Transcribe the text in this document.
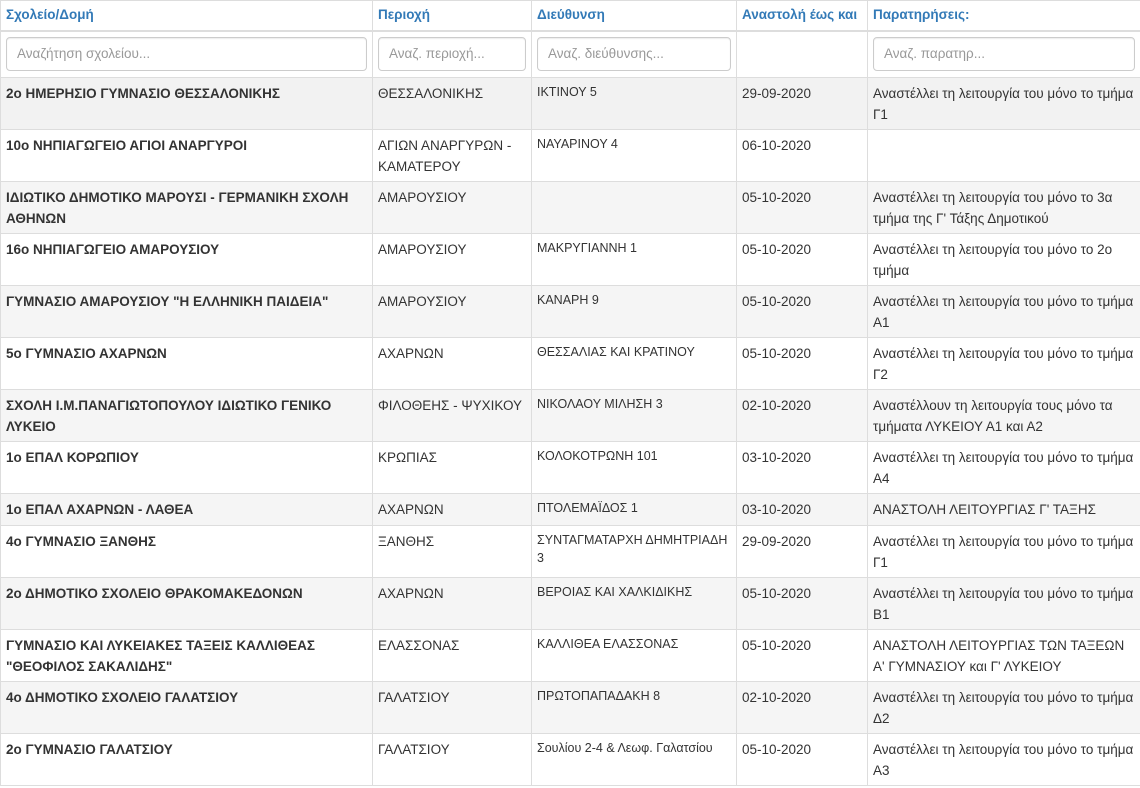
Σχολείο/Δομή	Περιοχή	Διεύθυνση	Αναστολή έως και	Παρατηρήσεις:
Αναζήτηση σχολείου...	Αναζ. περιοχή...	Αναζ. διεύθυνσης...		Αναζ. παρατηρ...
2ο ΗΜΕΡΗΣΙΟ ΓΥΜΝΑΣΙΟ ΘΕΣΣΑΛΟΝΙΚΗΣ	ΘΕΣΣΑΛΟΝΙΚΗΣ	ΙΚΤΙΝΟΥ 5	29-09-2020	Αναστέλλει τη λειτουργία του μόνο το τμήμα Γ1
10ο ΝΗΠΙΑΓΩΓΕΙΟ ΑΓΙΟΙ ΑΝΑΡΓΥΡΟΙ	ΑΓΙΩΝ ΑΝΑΡΓΥΡΩΝ - ΚΑΜΑΤΕΡΟΥ	ΝΑΥΑΡΙΝΟΥ 4	06-10-2020	
ΙΔΙΩΤΙΚΟ ΔΗΜΟΤΙΚΟ ΜΑΡΟΥΣΙ - ΓΕΡΜΑΝΙΚΗ ΣΧΟΛΗ ΑΘΗΝΩΝ	ΑΜΑΡΟΥΣΙΟΥ		05-10-2020	Αναστέλλει τη λειτουργία του μόνο το 3α τμήμα της Γ' Τάξης Δημοτικού
16ο ΝΗΠΙΑΓΩΓΕΙΟ ΑΜΑΡΟΥΣΙΟΥ	ΑΜΑΡΟΥΣΙΟΥ	ΜΑΚΡΥΓΙΑΝΝΗ 1	05-10-2020	Αναστέλλει τη λειτουργία του μόνο το 2ο τμήμα
ΓΥΜΝΑΣΙΟ ΑΜΑΡΟΥΣΙΟΥ "Η ΕΛΛΗΝΙΚΗ ΠΑΙΔΕΙΑ"	ΑΜΑΡΟΥΣΙΟΥ	ΚΑΝΑΡΗ 9	05-10-2020	Αναστέλλει τη λειτουργία του μόνο το τμήμα Α1
5ο ΓΥΜΝΑΣΙΟ ΑΧΑΡΝΩΝ	ΑΧΑΡΝΩΝ	ΘΕΣΣΑΛΙΑΣ ΚΑΙ ΚΡΑΤΙΝΟΥ	05-10-2020	Αναστέλλει τη λειτουργία του μόνο το τμήμα Γ2
ΣΧΟΛΗ Ι.Μ.ΠΑΝΑΓΙΩΤΟΠΟΥΛΟΥ ΙΔΙΩΤΙΚΟ ΓΕΝΙΚΟ ΛΥΚΕΙΟ	ΦΙΛΟΘΕΗΣ - ΨΥΧΙΚΟΥ	ΝΙΚΟΛΑΟΥ ΜΙΛΗΣΗ 3	02-10-2020	Αναστέλλουν τη λειτουργία τους μόνο τα τμήματα ΛΥΚΕΙΟΥ Α1 και Α2
1ο ΕΠΑΛ ΚΟΡΩΠΙΟΥ	ΚΡΩΠΙΑΣ	ΚΟΛΟΚΟΤΡΩΝΗ 101	03-10-2020	Αναστέλλει τη λειτουργία του μόνο το τμήμα Α4
1ο ΕΠΑΛ ΑΧΑΡΝΩΝ - ΛΑΘΕΑ	ΑΧΑΡΝΩΝ	ΠΤΟΛΕΜΑΪΔΟΣ 1	03-10-2020	ΑΝΑΣΤΟΛΗ ΛΕΙΤΟΥΡΓΙΑΣ Γ' ΤΑΞΗΣ
4ο ΓΥΜΝΑΣΙΟ ΞΑΝΘΗΣ	ΞΑΝΘΗΣ	ΣΥΝΤΑΓΜΑΤΑΡΧΗ ΔΗΜΗΤΡΙΑΔΗ 3	29-09-2020	Αναστέλλει τη λειτουργία του μόνο το τμήμα Γ1
2ο ΔΗΜΟΤΙΚΟ ΣΧΟΛΕΙΟ ΘΡΑΚΟΜΑΚΕΔΟΝΩΝ	ΑΧΑΡΝΩΝ	ΒΕΡΟΙΑΣ ΚΑΙ ΧΑΛΚΙΔΙΚΗΣ	05-10-2020	Αναστέλλει τη λειτουργία του μόνο το τμήμα Β1
ΓΥΜΝΑΣΙΟ ΚΑΙ ΛΥΚΕΙΑΚΕΣ ΤΑΞΕΙΣ ΚΑΛΛΙΘΕΑΣ "ΘΕΟΦΙΛΟΣ ΣΑΚΑΛΙΔΗΣ"	ΕΛΑΣΣΟΝΑΣ	ΚΑΛΛΙΘΕΑ ΕΛΑΣΣΟΝΑΣ	05-10-2020	ΑΝΑΣΤΟΛΗ ΛΕΙΤΟΥΡΓΙΑΣ ΤΩΝ ΤΑΞΕΩΝ Α' ΓΥΜΝΑΣΙΟΥ και Γ' ΛΥΚΕΙΟΥ
4ο ΔΗΜΟΤΙΚΟ ΣΧΟΛΕΙΟ ΓΑΛΑΤΣΙΟΥ	ΓΑΛΑΤΣΙΟΥ	ΠΡΩΤΟΠΑΠΑΔΑΚΗ 8	02-10-2020	Αναστέλλει τη λειτουργία του μόνο το τμήμα Δ2
2ο ΓΥΜΝΑΣΙΟ ΓΑΛΑΤΣΙΟΥ	ΓΑΛΑΤΣΙΟΥ	Σουλίου 2-4 & Λεωφ. Γαλατσίου	05-10-2020	Αναστέλλει τη λειτουργία του μόνο το τμήμα Α3
